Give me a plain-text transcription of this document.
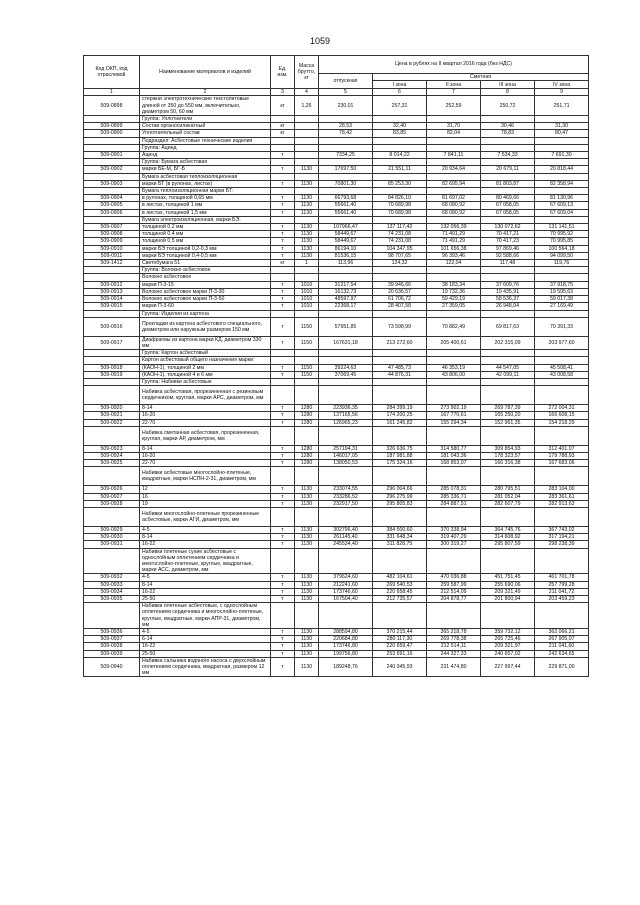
1059
Код ОКП, код отраслевой	Наименование материалов и изделий	Ед. изм.	Масса брутто, кг	Цена в рублях на II квартал 2016 года (без НДС)				
				отпускная	Сметная			
					I зона	II зона	III зона	IV зона
1	2	3	4	5	6	7	8	9
509-0898	стержни электротехнические текстолитовые длиной от 350 до 550 мм, включительно, диаметром 50, 60 мм	кг	1,26	230,01	257,31	252,59	250,72	251,71
	Группа: Уплотнители							
509-0899	Состав органосиликатный	кг		28,53	32,40	31,70	30,46	31,30
509-0900	Уплотнительный состав	кг		78,42	83,85	82,04	78,83	80,47
	Подраздел: Асбестовые технические изделия							
	Группа: Ацинд							
509-0901	Ацинд	т		7334,25	8 014,22	7 841,11	7 534,33	7 691,30
	Группа: Бумага асбестовая							
509-0902	марки БЕ-М, БГ-Б	т	1130	17697,50	21 551,11	20 934,64	20 679,11	20 818,44
	Бумага асбестовая теплоизоляционная							
509-0903	марки БТ (в рулонах, листах)	т	1130	70801,30	85 253,30	82 695,94	81 803,87	82 358,94
	Бумага теплоизоляционная марки БТ:							
509-0904	в рулонах, толщиной 0,65 мм	т	1130	66793,68	84 826,10	81 697,02	80 469,66	81 130,96
509-0905	в листах, толщиной 1 мм	т	1130	55661,40	70 689,98	68 080,92	67 058,05	67 609,13
509-0906	в листах, толщиной 1,5 мм	т	1130	55661,40	70 689,98	68 080,92	67 058,05	67 609,04
	Бумага электроизоляционная, марки БЭ:							
509-0907	толщиной 0,2 мм	т	1130	107966,47	137 117,42	132 056,39	130 072,62	131 141,51
509-0908	толщиной 0,4 мм	т	1130	58449,67	74 231,08	71 491,29	70 417,21	70 995,92
509-0909	толщиной 0,5 мм	т	1130	58449,67	74 231,08	71 491,29	70 417,23	70 995,85
509-0910	марки БЭ толщиной 0,2-0,3 мм	т	1130	86194,10	104 347,95	101 656,38	97 869,46	100 564,18
509-0911	марки БЭ толщиной 0,4-0,5 мм	т	1130	81536,15	98 707,65	96 393,46	92 588,66	94 099,50
509-1412	Светобумага 51	кг	1	113,96	124,32	122,04	117,48	119,76
	Группа: Волокно асбестовое							
	Волокно асбестовое							
509-0912	марки П-3-15	т	1010	31217,54	39 946,66	38 183,34	37 609,76	37 918,75
509-0913	Волокно асбестовое марки П-3-30	т	1010	16132,73	20 636,57	19 732,36	19 435,91	19 595,63
509-0914	Волокно асбестовое марки П-3-50	т	1010	48597,97	61 706,72	59 429,19	58 536,37	59 017,38
509-0915	марки П-3-60	т	1010	22368,17	28 407,58	27 359,05	26 948,04	27 169,49
	Группа: Изделия из картона							
509-0916	Прокладки из картона асбестового специального, диаметром или наружным размером 150 мм	т	1150	57951,85	73 598,99	70 882,49	69 817,63	70 391,33
509-0917	Диафрагмы из картона марки КД, диаметром 330 мм	т	1150	167631,18	213 272,60	205 400,61	202 315,09	203 977,60
	Группа: Картон асбестовый							
	Картон асбестовый общего назначения марки:							
509-0918	(КАОН-1), толщиной 2 мм	т	1150	39224,63	47 485,73	46 353,19	44 547,05	45 508,41
509-0919	(КАОН-1), толщиной 4 и 6 мм	т	1150	37069,45	44 876,31	43 806,00	42 099,11	43 008,58
	Группа: Набивки асбестовые							
	Набивка асбестовая, прорезиненная с резиновым сердечником, круглая, марки АРС, диаметром, мм							
509-0920	8-14	т	1280	223936,35	284 399,19	273 902,19	269 787,39	272 004,31
509-0921	16-20	т	1280	137165,56	174 200,25	167 770,61	165 250,20	166 608,15
509-0922	22-70	т	1280	126965,23	161 245,82	155 294,34	152 961,35	154 218,29
	Набивка сметанная асбестовая, прорезиненная, круглая, марки АР, диаметром, мм							
509-0923	8-14	т	1280	257194,31	326 636,75	314 580,77	309 854,93	312 401,07
509-0924	16-20	т	1280	146017,05	187 981,88	181 043,36	178 323,57	179 788,93
509-0925	22-70	т	1280	138050,53	175 324,16	168 853,07	166 316,38	167 683,06
	Набивки асбестовые многослойно-плетеные, квадратные, марки НСПН-2-31, диаметром, мм							
509-0926	12	т	1130	233074,55	296 004,66	285 078,31	280 795,51	283 104,00
509-0927	16	т	1130	233286,52	296 275,99	285 336,71	281 052,04	283 361,61
509-0928	19	т	1130	232917,50	295 805,83	284 887,51	282 607,79	282 913,63
	Набивки многослойно-плетеные прорезиненные асбестовые, марки АГИ, диаметром, мм							
509-0929	4-5	т	1130	302796,40	384 500,60	370 338,94	364 745,76	367 743,02
509-0930	8-14	т	1130	261145,40	331 648,34	319 407,29	314 608,92	317 194,21
509-0931	16-22	т	1130	245534,40	311 828,75	300 319,27	295 807,59	298 238,39
	Набивки плетеные сухие асбестовые с однослойным оплетением сердечника и многослойно-плетеные, круглые, квадратные, марки АСС, диаметром, мм							
509-0932	4-5	т	1130	379624,60	482 104,61	470 036,88	451 751,45	461 701,78
509-0933	8-14	т	1130	212241,60	269 540,53	259 587,99	255 690,06	257 799,28
509-0934	16-22	т	1130	173746,60	220 658,45	212 514,09	209 321,49	211 041,72
509-0935	25-50	т	1130	167504,40	212 735,57	204 878,77	201 800,94	203 459,23
	Набивки плетеные асбестовые, с однослойным оплетением сердечника и многослойно-плетеные, круглые, квадратные, марки АПР-31, диаметром, мм							
509-0936	4-5	т	1130	288594,80	370 215,44	365 218,78	359 732,12	362 066,21
509-0937	6-14	т	1130	220684,80	280 117,30	269 778,38	265 725,46	267 905,07
509-0938	16-22	т	1130	173746,80	220 659,47	212 514,11	209 321,97	211 041,60
509-0939	25-50	т	1130	199756,80	253 691,16	244 327,33	240 657,02	242 634,65
509-0940	Набивка сальника водяного насоса с двухслойным оплетением сердечника, квадратная, размером 12 мм	т	1130	189248,76	240 345,93	231 474,80	227 997,44	229 871,00
